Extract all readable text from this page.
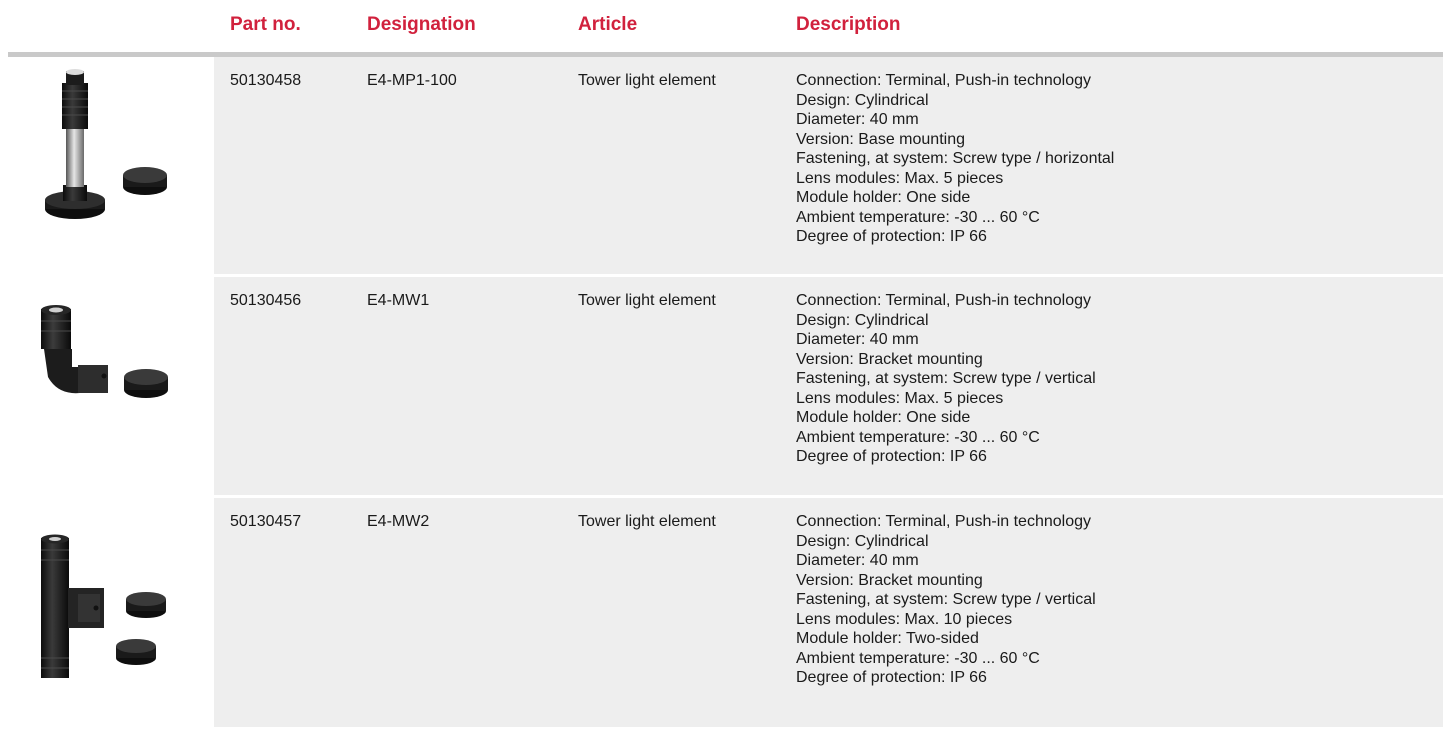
Part no.	Designation	Article	Description
50130458	E4-MP1-100	Tower light element	Connection: Terminal, Push-in technology
Design: Cylindrical
Diameter: 40 mm
Version: Base mounting
Fastening, at system: Screw type / horizontal
Lens modules: Max. 5 pieces
Module holder: One side
Ambient temperature: -30 ... 60 °C
Degree of protection: IP 66
50130456	E4-MW1	Tower light element	Connection: Terminal, Push-in technology
Design: Cylindrical
Diameter: 40 mm
Version: Bracket mounting
Fastening, at system: Screw type / vertical
Lens modules: Max. 5 pieces
Module holder: One side
Ambient temperature: -30 ... 60 °C
Degree of protection: IP 66
50130457	E4-MW2	Tower light element	Connection: Terminal, Push-in technology
Design: Cylindrical
Diameter: 40 mm
Version: Bracket mounting
Fastening, at system: Screw type / vertical
Lens modules: Max. 10 pieces
Module holder: Two-sided
Ambient temperature: -30 ... 60 °C
Degree of protection: IP 66
